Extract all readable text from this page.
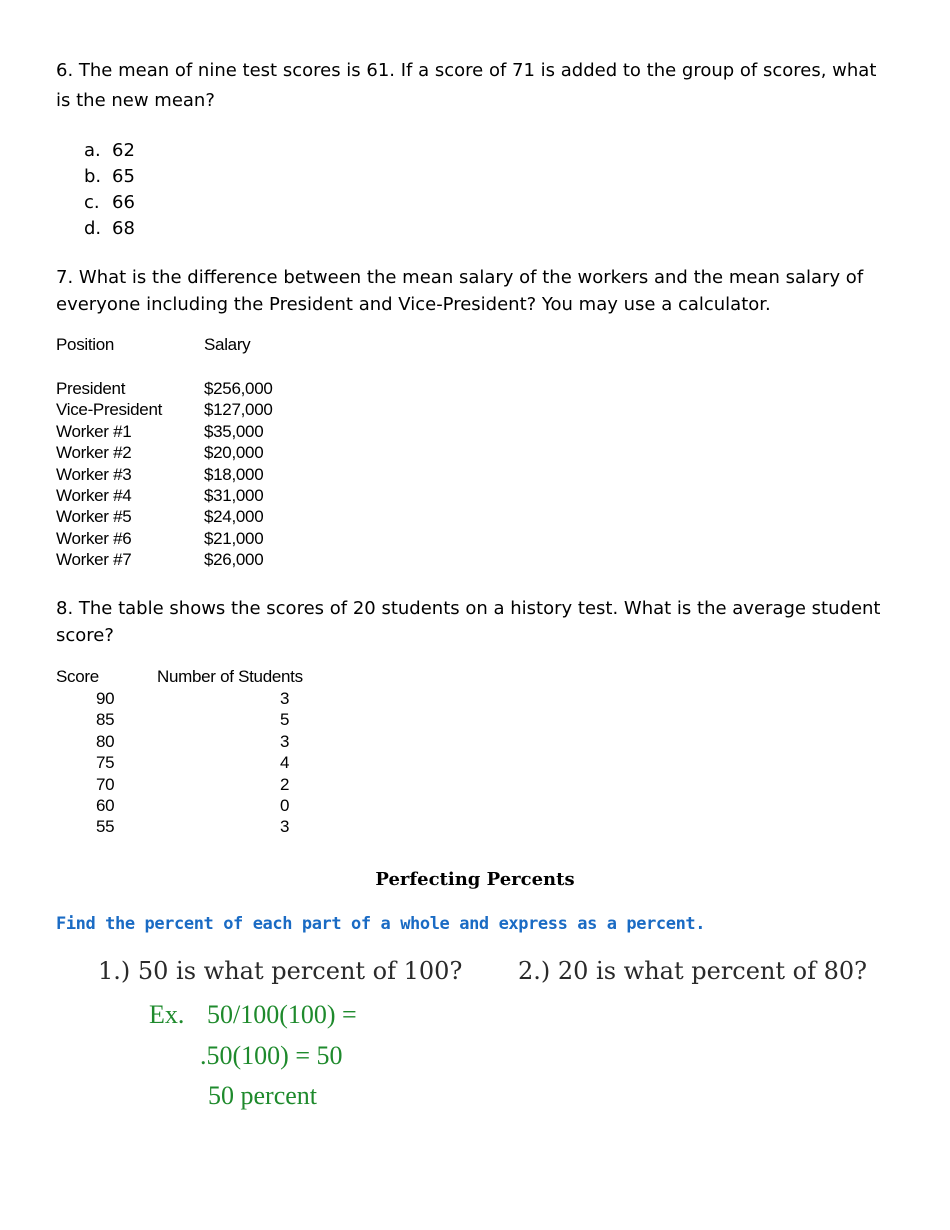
6. The mean of nine test scores is 61. If a score of 71 is added to the group of scores, what is the new mean?
a. 62
b. 65
c. 66
d. 68
7. What is the difference between the mean salary of the workers and the mean salary of everyone including the President and Vice-President? You may use a calculator.
Position	Salary
President	$256,000
Vice-President $127,000
Worker #1	$35,000
Worker #2	$20,000
Worker #3	$18,000
Worker #4	$31,000
Worker #5	$24,000
Worker #6	$21,000
Worker #7	$26,000
8. The table shows the scores of 20 students on a history test. What is the average student score?
Score	Number of Students
90	3
85	5
80	3
75	4
70	2
60	0
55	3
Perfecting Percents
Find the percent of each part of a whole and express as a percent.
1.) 50 is what percent of 100? 2.) 20 is what percent of 80?
Ex. 50/100(100) =
.50(100) = 50
50 percent
